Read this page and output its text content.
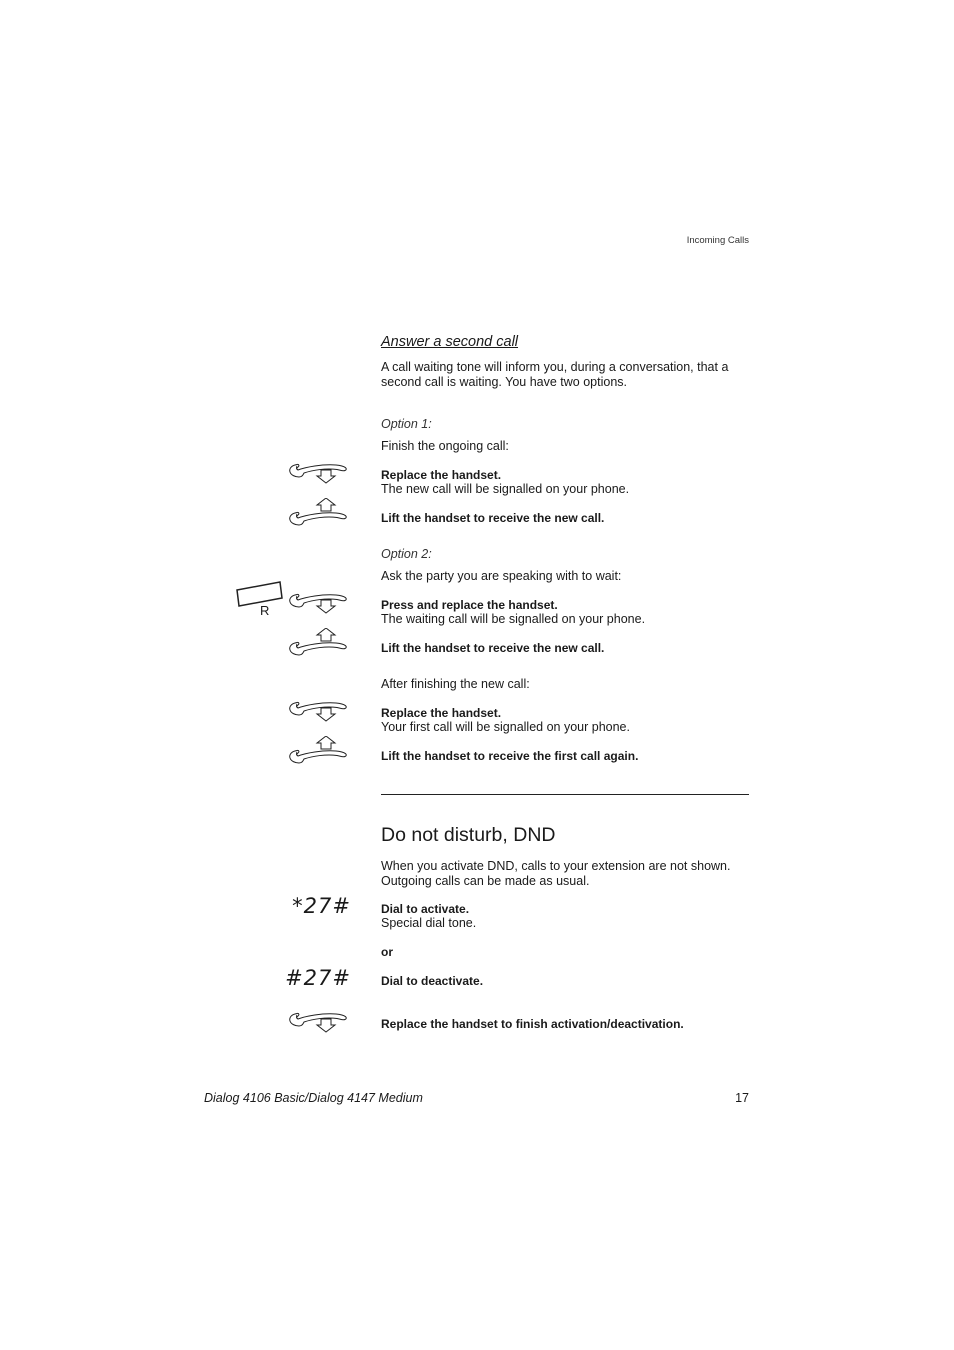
Incoming Calls
Answer a second call
A call waiting tone will inform you, during a conversation, that a second call is waiting. You have two options.
Option 1:
Finish the ongoing call:
Replace the handset.
The new call will be signalled on your phone.
Lift the handset to receive the new call.
Option 2:
Ask the party you are speaking with to wait:
R	Press and replace the handset.
The waiting call will be signalled on your phone.
Lift the handset to receive the new call.
After finishing the new call:
Replace the handset.
Your first call will be signalled on your phone.
Lift the handset to receive the first call again.
Do not disturb, DND
When you activate DND, calls to your extension are not shown. Outgoing calls can be made as usual.
*27#	Dial to activate.
Special dial tone.
or
#27#	Dial to deactivate.
Replace the handset to finish activation/deactivation.
Dialog 4106 Basic/Dialog 4147 Medium	17
